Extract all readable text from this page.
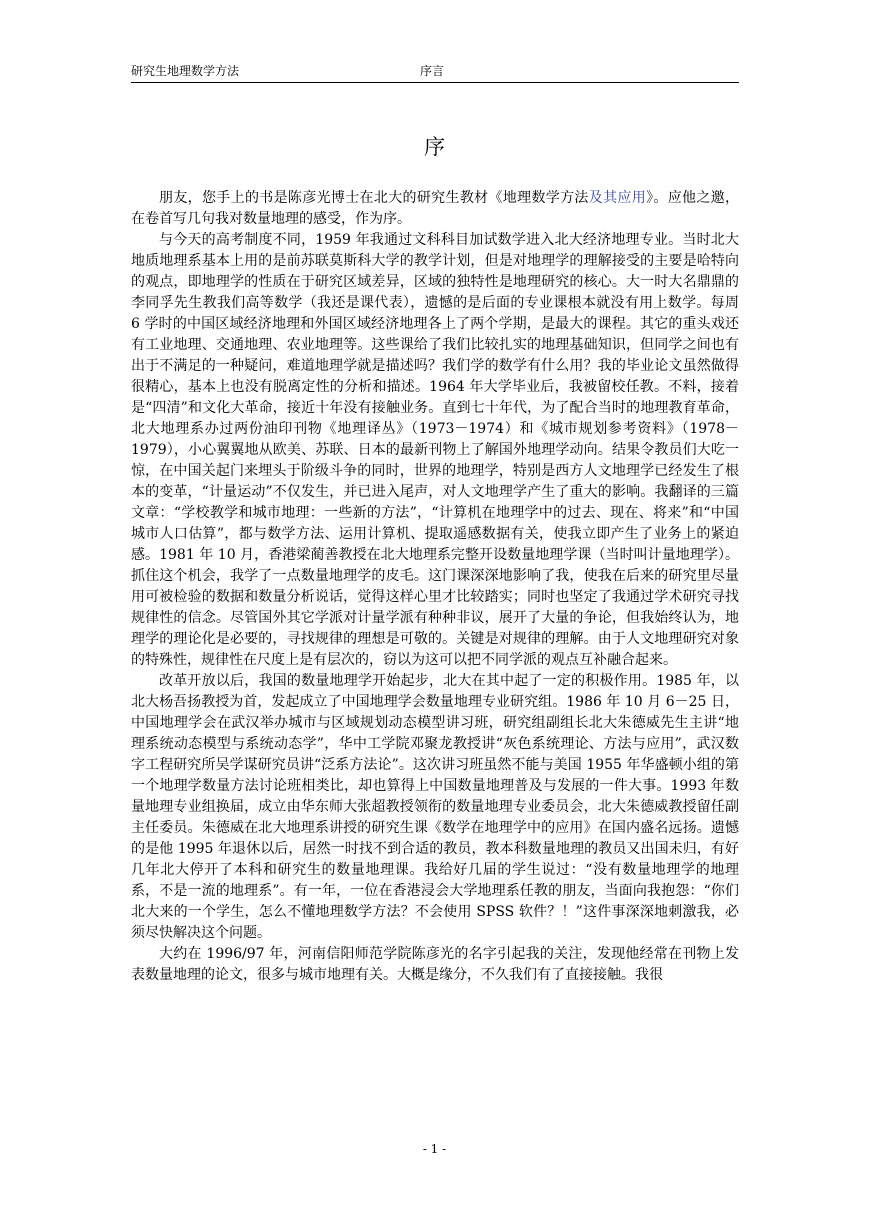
研究生地理数学方法	序言
序

朋友，您手上的书是陈彦光博士在北大的研究生教材《地理数学方法及其应用》。应他之邀，在卷首写几句我对数量地理的感受，作为序。

与今天的高考制度不同，1959 年我通过文科科目加试数学进入北大经济地理专业。当时北大地质地理系基本上用的是前苏联莫斯科大学的教学计划，但是对地理学的理解接受的主要是哈特向的观点，即地理学的性质在于研究区域差异，区域的独特性是地理研究的核心。大一时大名鼎鼎的李同孚先生教我们高等数学（我还是课代表），遗憾的是后面的专业课根本就没有用上数学。每周 6 学时的中国区域经济地理和外国区域经济地理各上了两个学期，是最大的课程。其它的重头戏还有工业地理、交通地理、农业地理等。这些课给了我们比较扎实的地理基础知识，但同学之间也有出于不满足的一种疑问，难道地理学就是描述吗？我们学的数学有什么用？我的毕业论文虽然做得很精心，基本上也没有脱离定性的分析和描述。1964 年大学毕业后，我被留校任教。不料，接着是“四清”和文化大革命，接近十年没有接触业务。直到七十年代，为了配合当时的地理教育革命，北大地理系办过两份油印刊物《地理译丛》（1973－1974）和《城市规划参考资料》（1978－1979），小心翼翼地从欧美、苏联、日本的最新刊物上了解国外地理学动向。结果令教员们大吃一惊，在中国关起门来埋头于阶级斗争的同时，世界的地理学，特别是西方人文地理学已经发生了根本的变革，“计量运动”不仅发生，并已进入尾声，对人文地理学产生了重大的影响。我翻译的三篇文章：“学校教学和城市地理：一些新的方法”，“计算机在地理学中的过去、现在、将来”和“中国城市人口估算”，都与数学方法、运用计算机、提取遥感数据有关，使我立即产生了业务上的紧迫感。1981 年 10 月，香港梁蔺善教授在北大地理系完整开设数量地理学课（当时叫计量地理学）。抓住这个机会，我学了一点数量地理学的皮毛。这门课深深地影响了我，使我在后来的研究里尽量用可被检验的数据和数量分析说话，觉得这样心里才比较踏实；同时也坚定了我通过学术研究寻找规律性的信念。尽管国外其它学派对计量学派有种种非议，展开了大量的争论，但我始终认为，地理学的理论化是必要的，寻找规律的理想是可敬的。关键是对规律的理解。由于人文地理研究对象的特殊性，规律性在尺度上是有层次的，窃以为这可以把不同学派的观点互补融合起来。

改革开放以后，我国的数量地理学开始起步，北大在其中起了一定的积极作用。1985 年，以北大杨吾扬教授为首，发起成立了中国地理学会数量地理专业研究组。1986 年 10 月 6－25 日，中国地理学会在武汉举办城市与区域规划动态模型讲习班，研究组副组长北大朱德威先生主讲“地理系统动态模型与系统动态学”，华中工学院邓聚龙教授讲“灰色系统理论、方法与应用”，武汉数字工程研究所吴学谋研究员讲“泛系方法论”。这次讲习班虽然不能与美国 1955 年华盛顿小组的第一个地理学数量方法讨论班相类比，却也算得上中国数量地理普及与发展的一件大事。1993 年数量地理专业组换届，成立由华东师大张超教授领衔的数量地理专业委员会，北大朱德威教授留任副主任委员。朱德威在北大地理系讲授的研究生课《数学在地理学中的应用》在国内盛名远扬。遗憾的是他 1995 年退休以后，居然一时找不到合适的教员，教本科数量地理的教员又出国未归，有好几年北大停开了本科和研究生的数量地理课。我给好几届的学生说过：“没有数量地理学的地理系，不是一流的地理系”。有一年，一位在香港浸会大学地理系任教的朋友，当面向我抱怨：“你们北大来的一个学生，怎么不懂地理数学方法？不会使用 SPSS 软件？！”这件事深深地刺激我，必须尽快解决这个问题。

大约在 1996/97 年，河南信阳师范学院陈彦光的名字引起我的关注，发现他经常在刊物上发表数量地理的论文，很多与城市地理有关。大概是缘分，不久我们有了直接接触。我很

- 1 -
